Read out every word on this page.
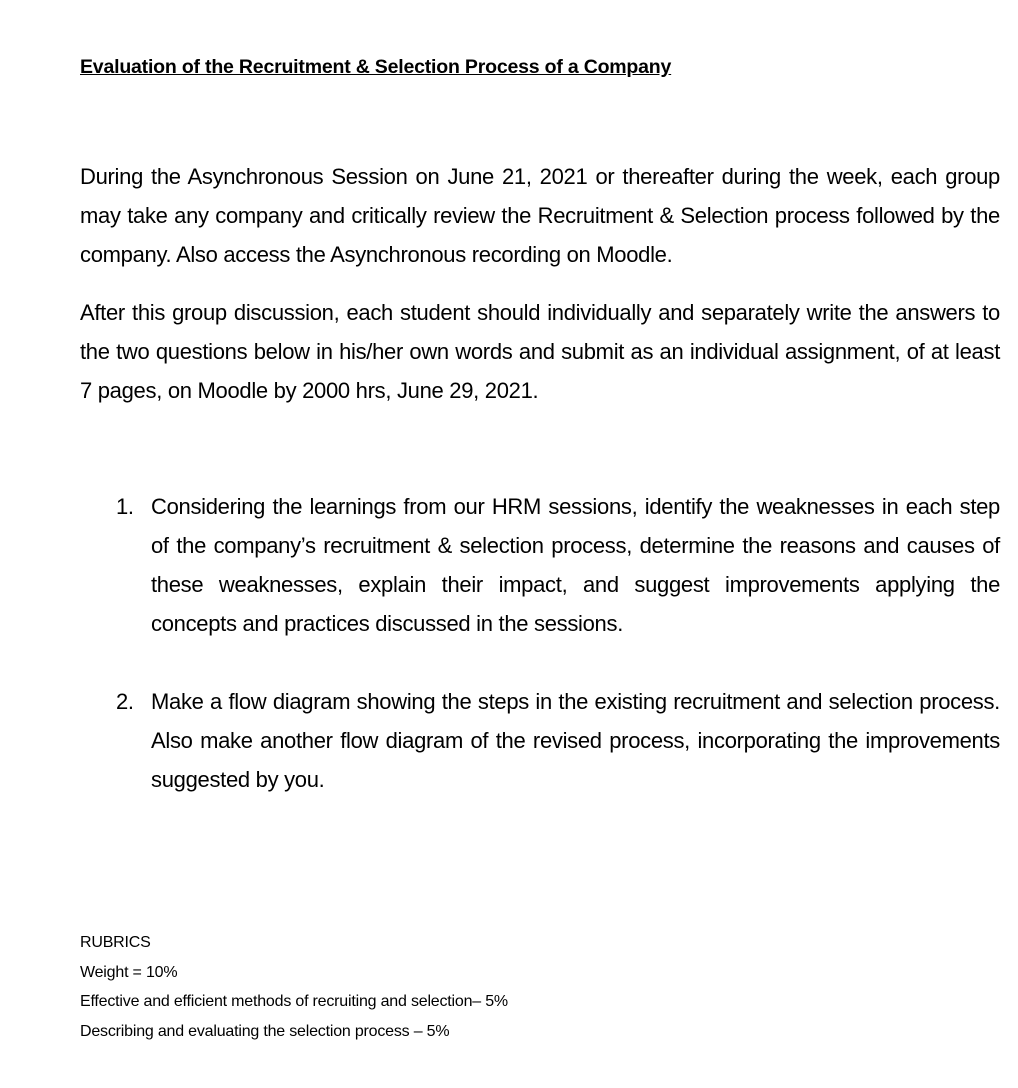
Evaluation of the Recruitment & Selection Process of a Company

During the Asynchronous Session on June 21, 2021 or thereafter during the week, each group may take any company and critically review the Recruitment & Selection process followed by the company. Also access the Asynchronous recording on Moodle.

After this group discussion, each student should individually and separately write the answers to the two questions below in his/her own words and submit as an individual assignment, of at least 7 pages, on Moodle by 2000 hrs, June 29, 2021.

1. Considering the learnings from our HRM sessions, identify the weaknesses in each step of the company’s recruitment & selection process, determine the reasons and causes of these weaknesses, explain their impact, and suggest improvements applying the concepts and practices discussed in the sessions.
2. Make a flow diagram showing the steps in the existing recruitment and selection process. Also make another flow diagram of the revised process, incorporating the improvements suggested by you.
RUBRICS
Weight = 10%
Effective and efficient methods of recruiting and selection– 5%
Describing and evaluating the selection process – 5%
